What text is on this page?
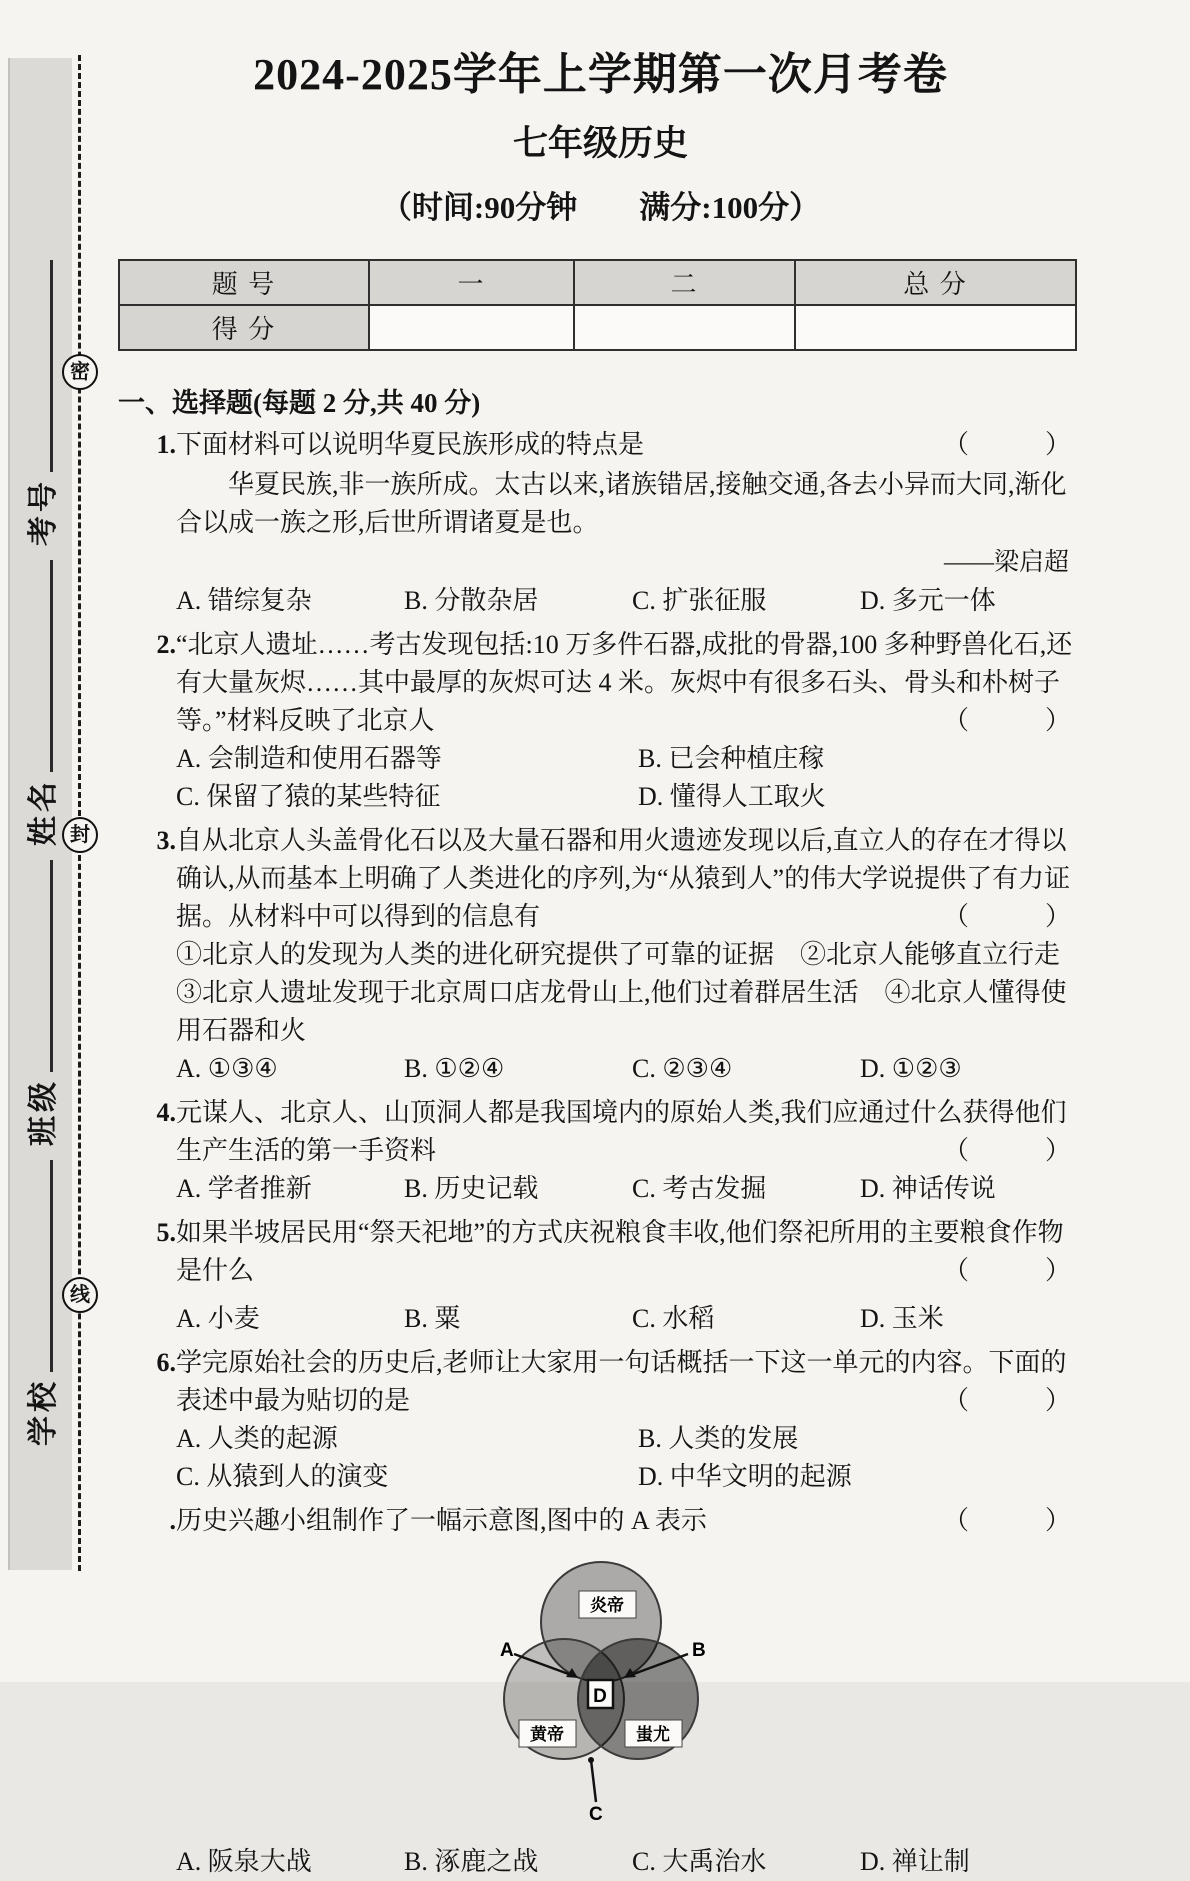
学校
班级
姓名
考号
密
封
线
2024-2025学年上学期第一次月考卷
七年级历史
（时间:90分钟　　满分:100分）
题 号	一	二	总 分
得 分			
一、选择题(每题 2 分,共 40 分)
1.	（　　）
下面材料可以说明华夏民族形成的特点是
华夏民族,非一族所成。太古以来,诸族错居,接触交通,各去小异而大同,渐化合以成一族之形,后世所谓诸夏是也。
——梁启超
A. 错综复杂	B. 分散杂居	C. 扩张征服	D. 多元一体
2. “北京人遗址……考古发现包括:10 万多件石器,成批的骨器,100 多种野兽化石,还有大量灰烬……其中最厚的灰烬可达 4 米。灰烬中有很多石头、骨头和朴树子等。”材料反映了北京人	（　　）
A. 会制造和使用石器等	B. 已会种植庄稼
C. 保留了猿的某些特征	D. 懂得人工取火
3. 自从北京人头盖骨化石以及大量石器和用火遗迹发现以后,直立人的存在才得以确认,从而基本上明确了人类进化的序列,为“从猿到人”的伟大学说提供了有力证据。从材料中可以得到的信息有	（　　）
①北京人的发现为人类的进化研究提供了可靠的证据　②北京人能够直立行走　③北京人遗址发现于北京周口店龙骨山上,他们过着群居生活　④北京人懂得使用石器和火
A. ①③④	B. ①②④	C. ②③④	D. ①②③
4. 元谋人、北京人、山顶洞人都是我国境内的原始人类,我们应通过什么获得他们生产生活的第一手资料	（　　）
A. 学者推新	B. 历史记载	C. 考古发掘	D. 神话传说
5. 如果半坡居民用“祭天祀地”的方式庆祝粮食丰收,他们祭祀所用的主要粮食作物是什么	（　　）
A. 小麦	B. 粟	C. 水稻	D. 玉米
6. 学完原始社会的历史后,老师让大家用一句话概括一下这一单元的内容。下面的表述中最为贴切的是	（　　）
A. 人类的起源	B. 人类的发展
C. 从猿到人的演变	D. 中华文明的起源
. 历史兴趣小组制作了一幅示意图,图中的 A 表示	（　　）
A	B
C
炎帝
黄帝	蚩尤
D
A. 阪泉大战	B. 涿鹿之战	C. 大禹治水	D. 禅让制
